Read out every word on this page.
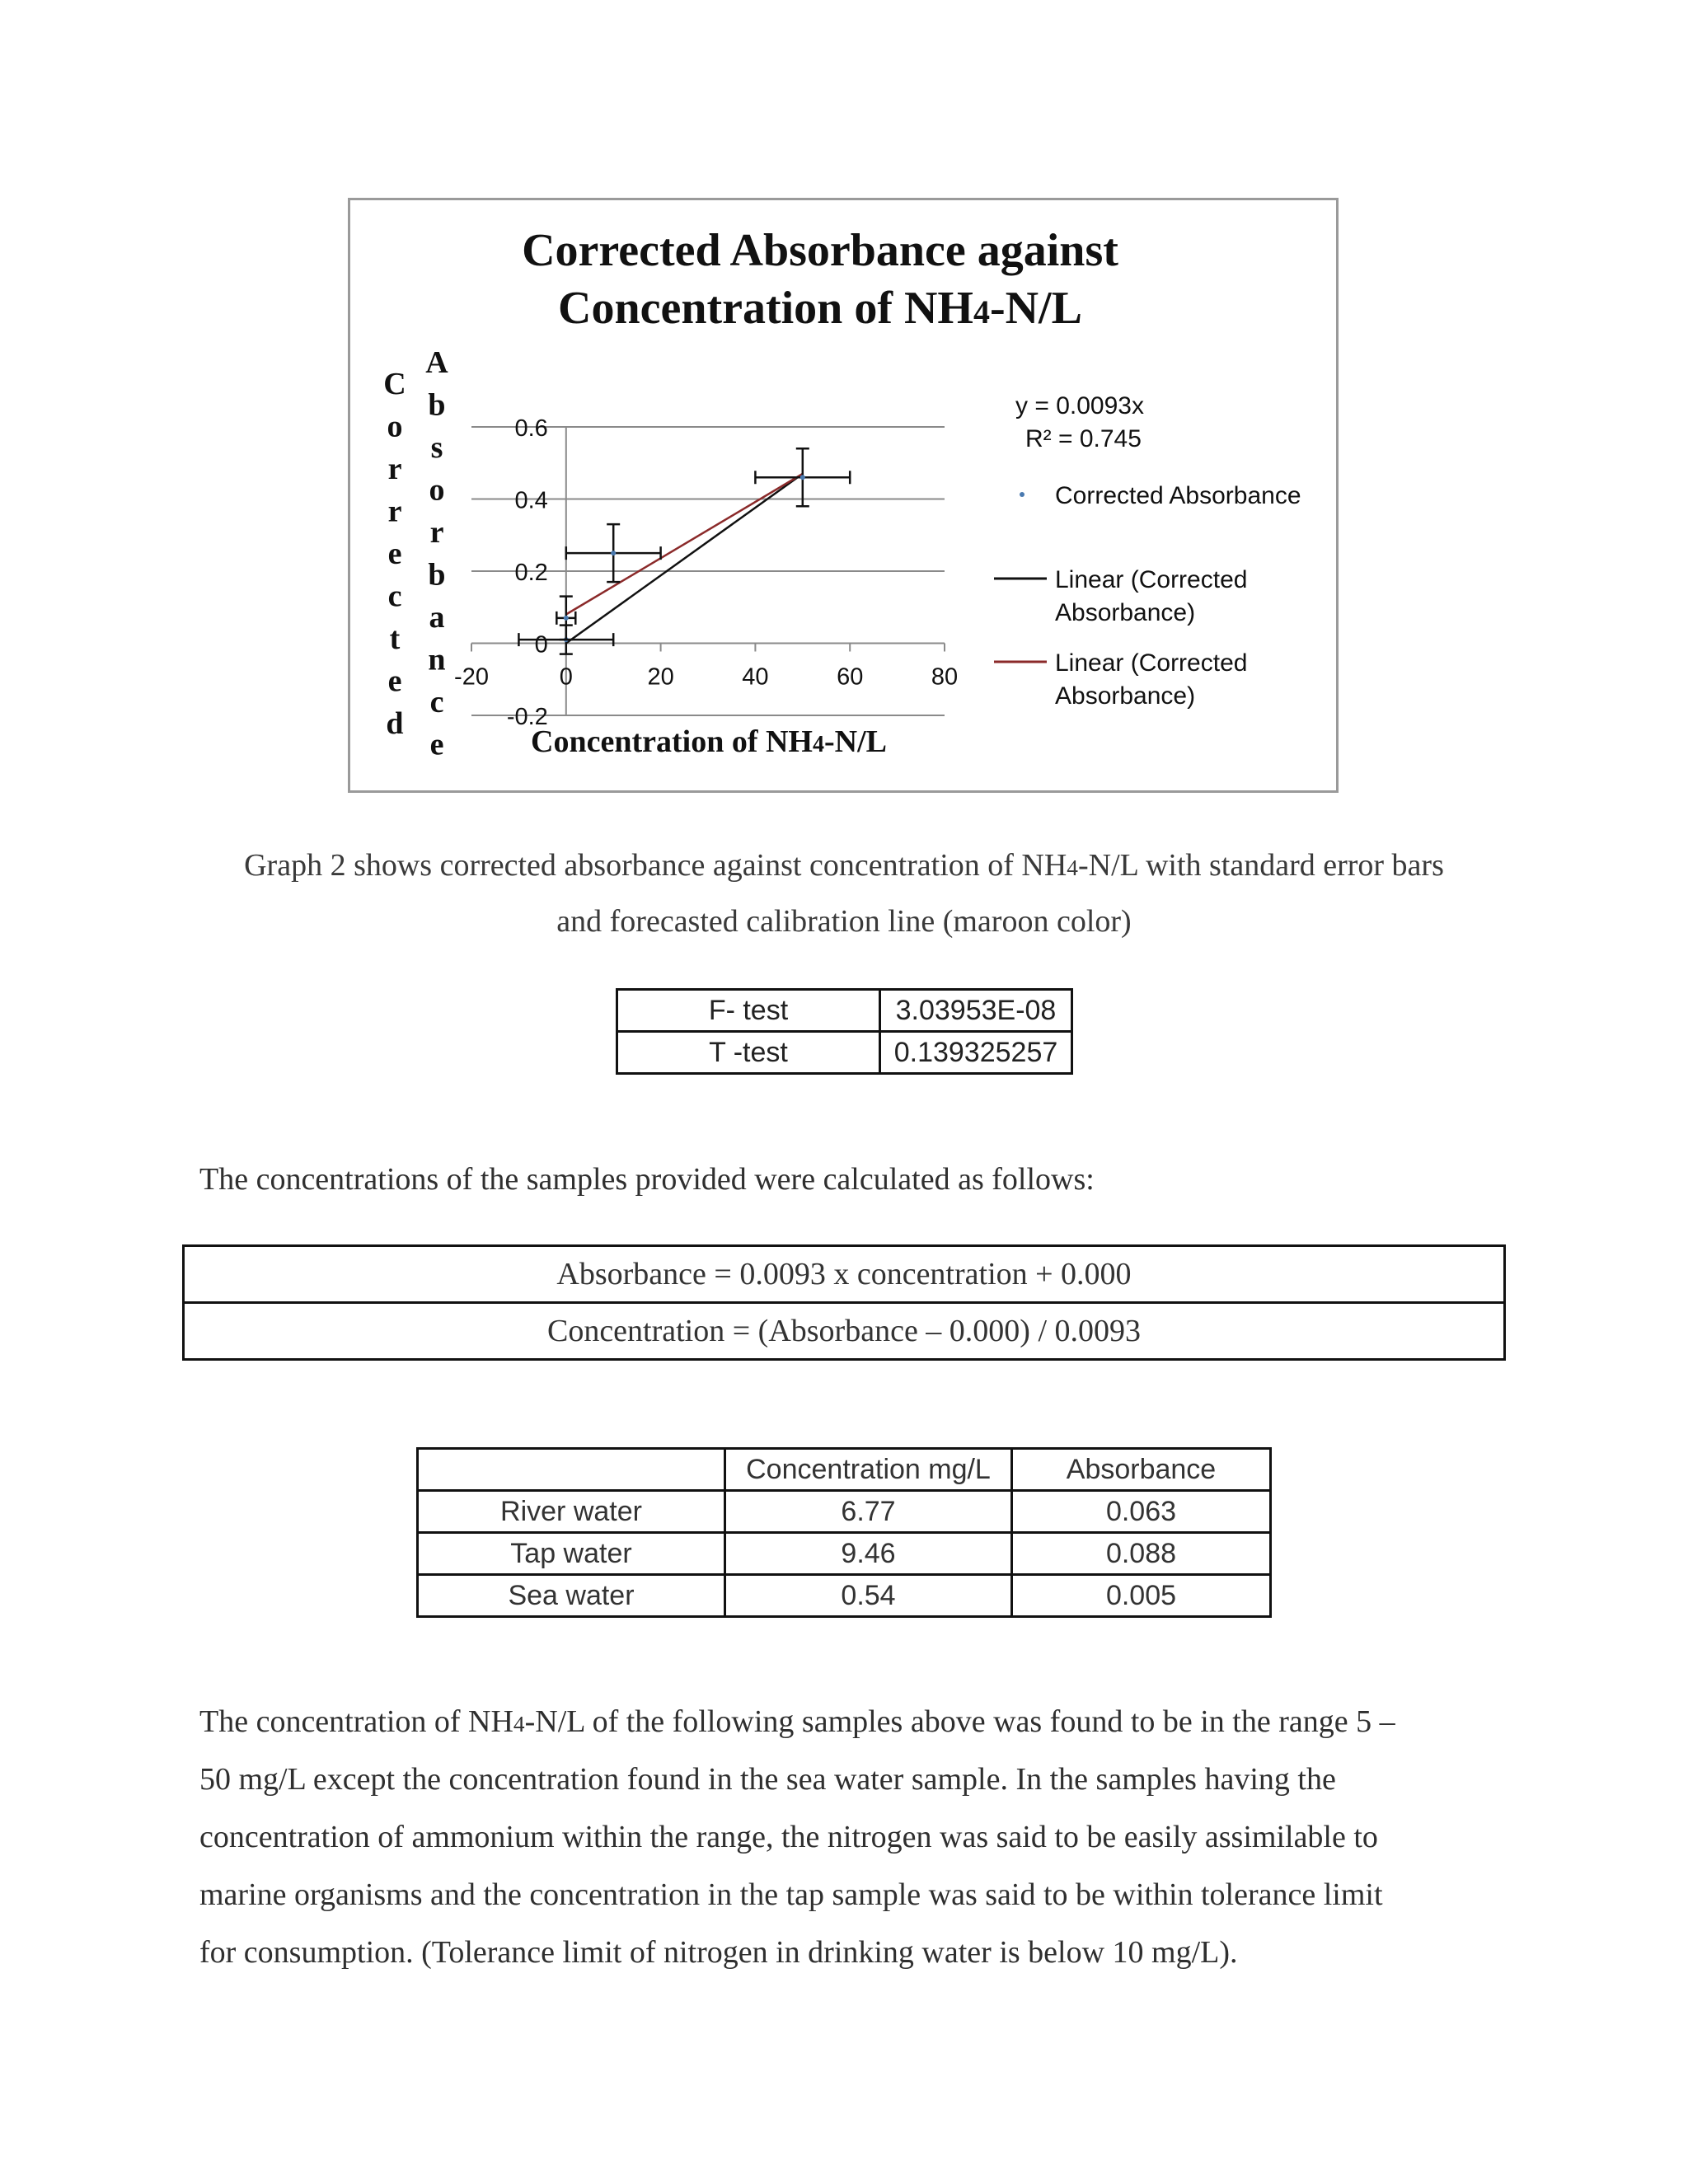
Corrected Absorbance against
Concentration of NH4-N/L
C
o
r
r
e
c
t
e
d
A
b
s
o
r
b
a
n
c
e
-0.2
0
0.2
0.4
0.6
-20	0	20	40	60	80
Concentration of NH4-N/L
y = 0.0093x
R² = 0.745
Corrected Absorbance
Linear (Corrected
Absorbance)
Linear (Corrected
Absorbance)
Graph 2 shows corrected absorbance against concentration of NH4-N/L with standard error bars
and forecasted calibration line (maroon color)
F- test	3.03953E-08
T -test	0.139325257
The concentrations of the samples provided were calculated as follows:
Absorbance = 0.0093 x concentration + 0.000
Concentration = (Absorbance – 0.000) / 0.0093
	Concentration mg/L	Absorbance
River water	6.77	0.063
Tap water	9.46	0.088
Sea water	0.54	0.005
The concentration of NH4-N/L of the following samples above was found to be in the range 5 –
50 mg/L except the concentration found in the sea water sample. In the samples having the
concentration of ammonium within the range, the nitrogen was said to be easily assimilable to
marine organisms and the concentration in the tap sample was said to be within tolerance limit
for consumption. (Tolerance limit of nitrogen in drinking water is below 10 mg/L).
